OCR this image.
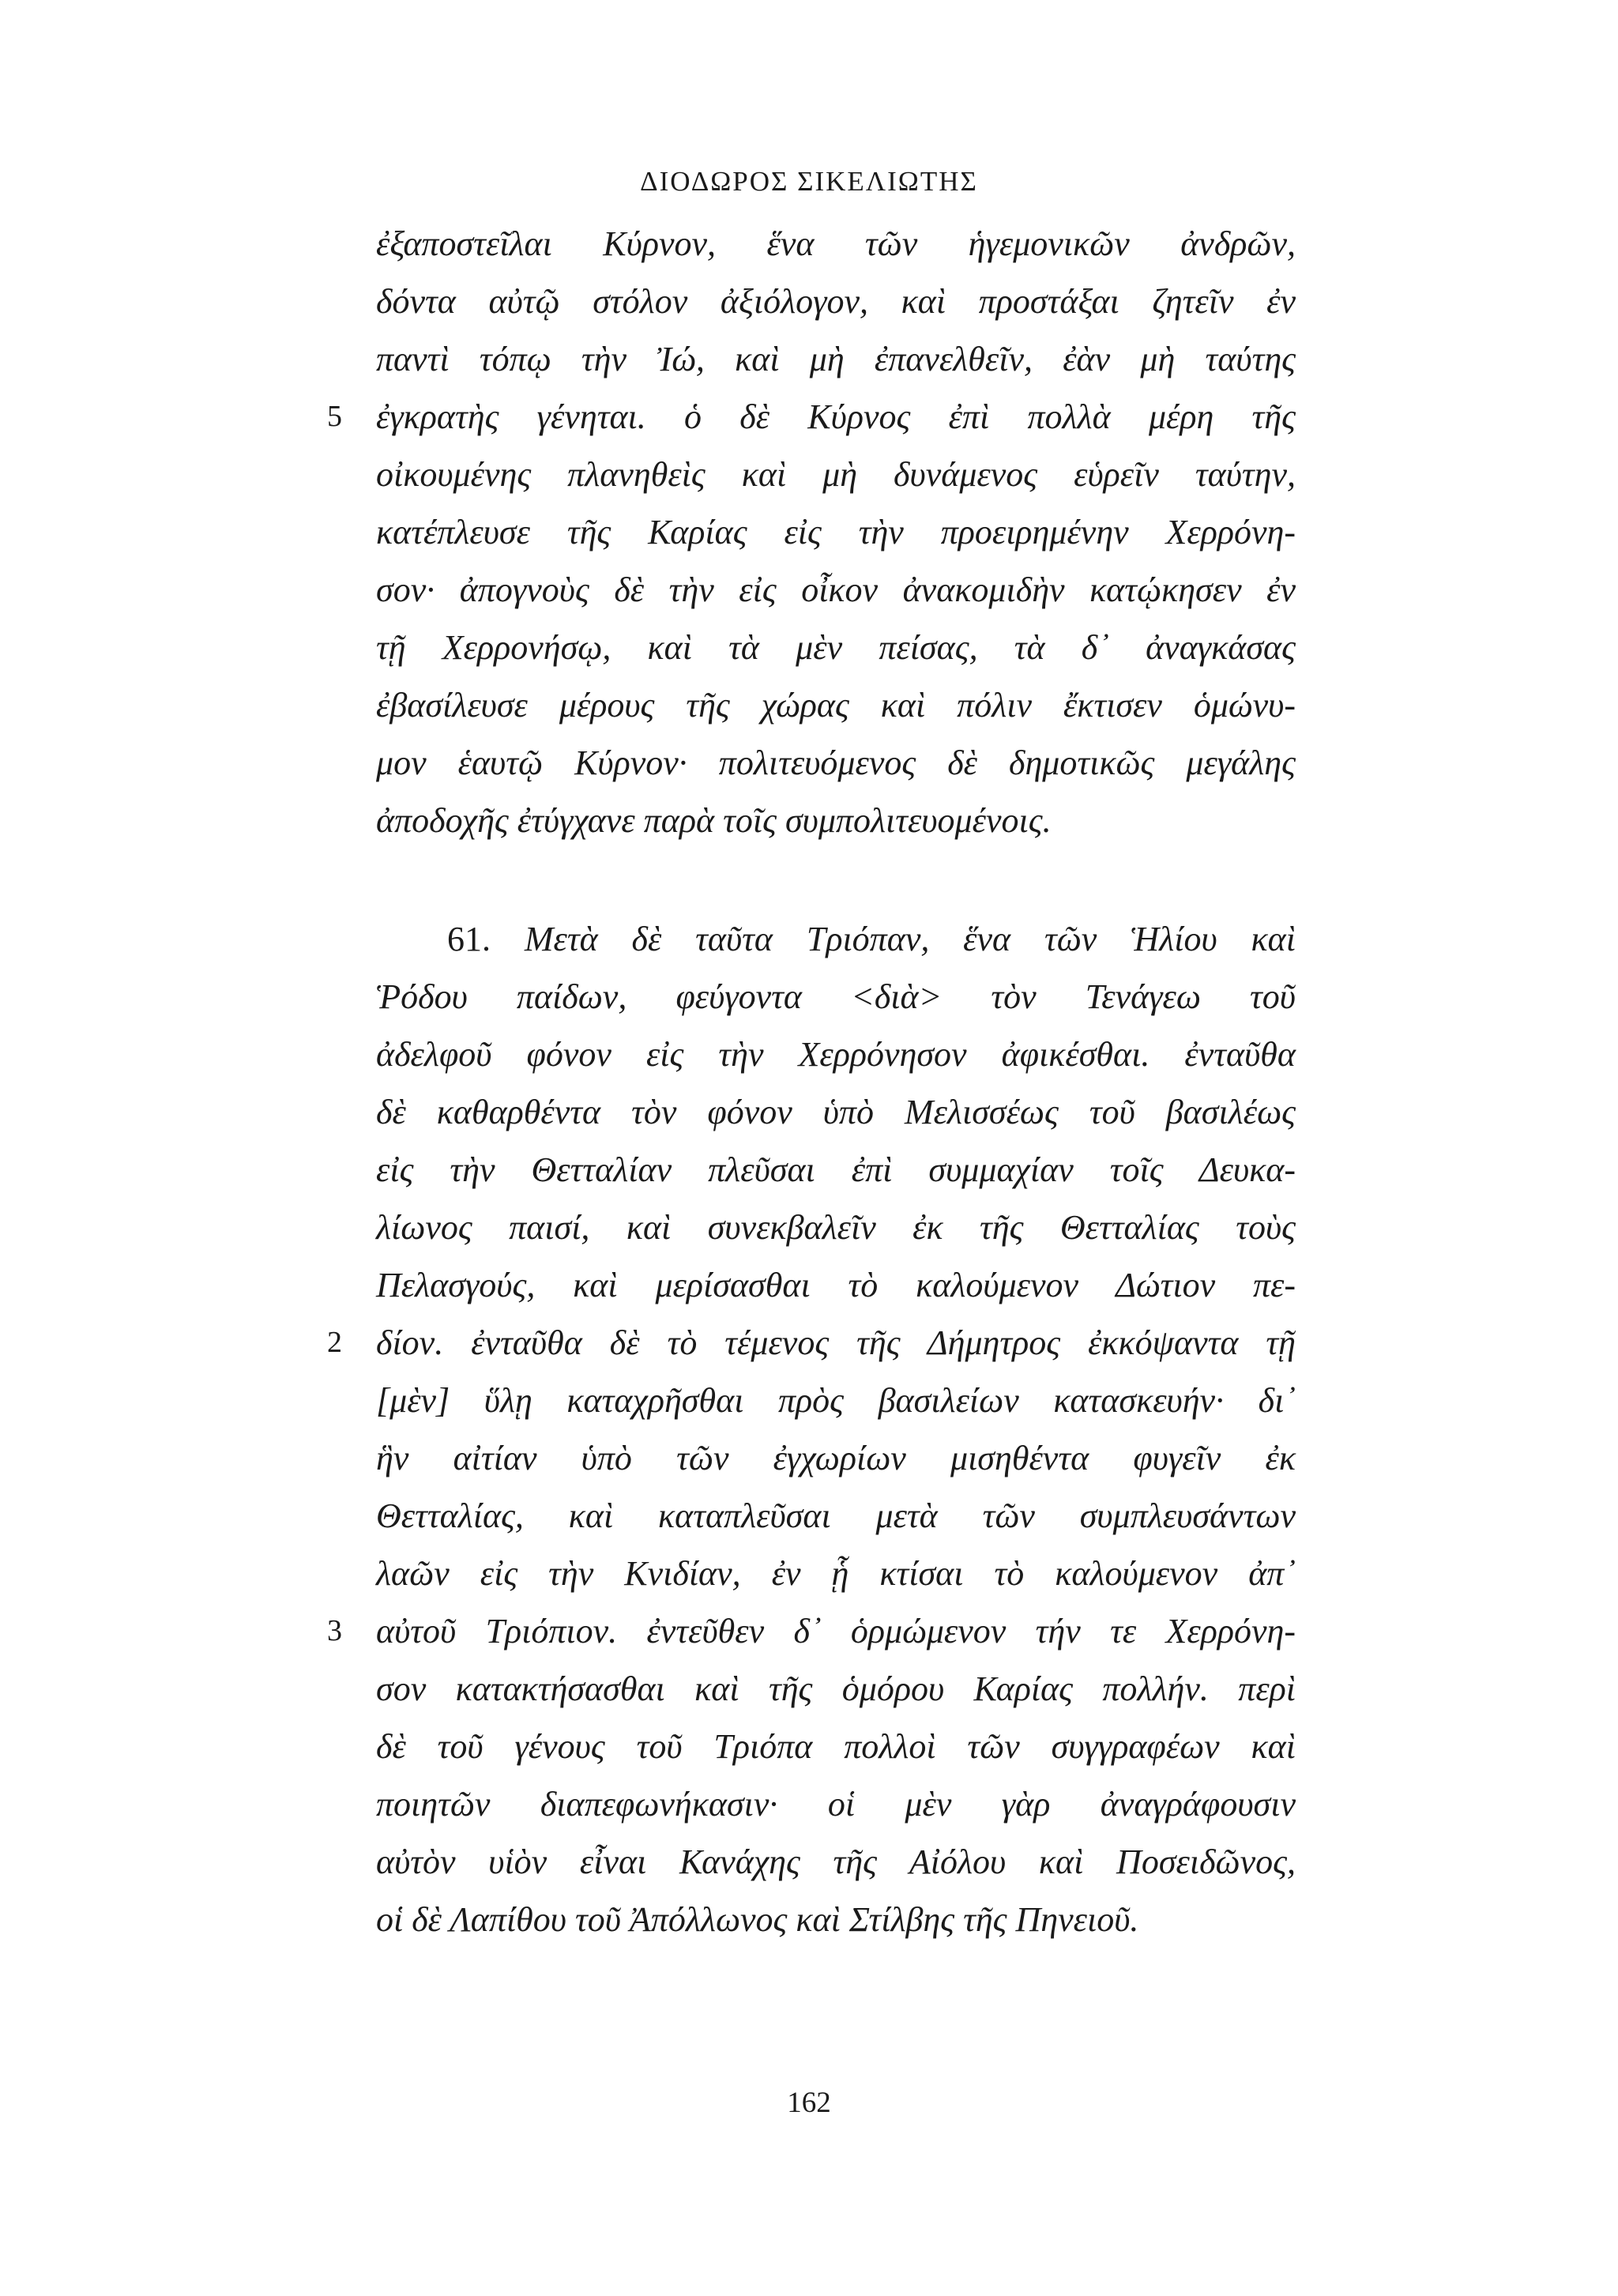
ΔΙΟΔΩΡΟΣ ΣΙΚΕΛΙΩΤΗΣ
ἐξαποστεῖλαι Κύρνον, ἕνα τῶν ἡγεμονικῶν ἀνδρῶν,
δόντα αὐτῷ στόλον ἀξιόλογον, καὶ προστάξαι ζητεῖν ἐν
παντὶ τόπῳ τὴν Ἰώ, καὶ μὴ ἐπανελθεῖν, ἐὰν μὴ ταύτης
5 ἐγκρατὴς γένηται. ὁ δὲ Κύρνος ἐπὶ πολλὰ μέρη τῆς
οἰκουμένης πλανηθεὶς καὶ μὴ δυνάμενος εὑρεῖν ταύτην,
κατέπλευσε τῆς Καρίας εἰς τὴν προειρημένην Χερρόνη-
σον· ἀπογνοὺς δὲ τὴν εἰς οἶκον ἀνακομιδὴν κατῴκησεν ἐν
τῇ Χερρονήσῳ, καὶ τὰ μὲν πείσας, τὰ δ᾽ ἀναγκάσας
ἐβασίλευσε μέρους τῆς χώρας καὶ πόλιν ἔκτισεν ὁμώνυ-
μον ἑαυτῷ Κύρνον· πολιτευόμενος δὲ δημοτικῶς μεγάλης
ἀποδοχῆς ἐτύγχανε παρὰ τοῖς συμπολιτευομένοις.
61. Μετὰ δὲ ταῦτα Τριόπαν, ἕνα τῶν Ἡλίου καὶ
Ῥόδου παίδων, φεύγοντα <διὰ> τὸν Τενάγεω τοῦ
ἀδελφοῦ φόνον εἰς τὴν Χερρόνησον ἀφικέσθαι. ἐνταῦθα
δὲ καθαρθέντα τὸν φόνον ὑπὸ Μελισσέως τοῦ βασιλέως
εἰς τὴν Θετταλίαν πλεῦσαι ἐπὶ συμμαχίαν τοῖς Δευκα-
λίωνος παισί, καὶ συνεκβαλεῖν ἐκ τῆς Θετταλίας τοὺς
Πελασγούς, καὶ μερίσασθαι τὸ καλούμενον Δώτιον πε-
2 δίον. ἐνταῦθα δὲ τὸ τέμενος τῆς Δήμητρος ἐκκόψαντα τῇ
[μὲν] ὕλῃ καταχρῆσθαι πρὸς βασιλείων κατασκευήν· δι᾽
ἣν αἰτίαν ὑπὸ τῶν ἐγχωρίων μισηθέντα φυγεῖν ἐκ
Θετταλίας, καὶ καταπλεῦσαι μετὰ τῶν συμπλευσάντων
λαῶν εἰς τὴν Κνιδίαν, ἐν ᾗ κτίσαι τὸ καλούμενον ἀπ᾽
3 αὐτοῦ Τριόπιον. ἐντεῦθεν δ᾽ ὁρμώμενον τήν τε Χερρόνη-
σον κατακτήσασθαι καὶ τῆς ὁμόρου Καρίας πολλήν. περὶ
δὲ τοῦ γένους τοῦ Τριόπα πολλοὶ τῶν συγγραφέων καὶ
ποιητῶν διαπεφωνήκασιν· οἱ μὲν γὰρ ἀναγράφουσιν
αὐτὸν υἱὸν εἶναι Κανάχης τῆς Αἰόλου καὶ Ποσειδῶνος,
οἱ δὲ Λαπίθου τοῦ Ἀπόλλωνος καὶ Στίλβης τῆς Πηνειοῦ.
162
